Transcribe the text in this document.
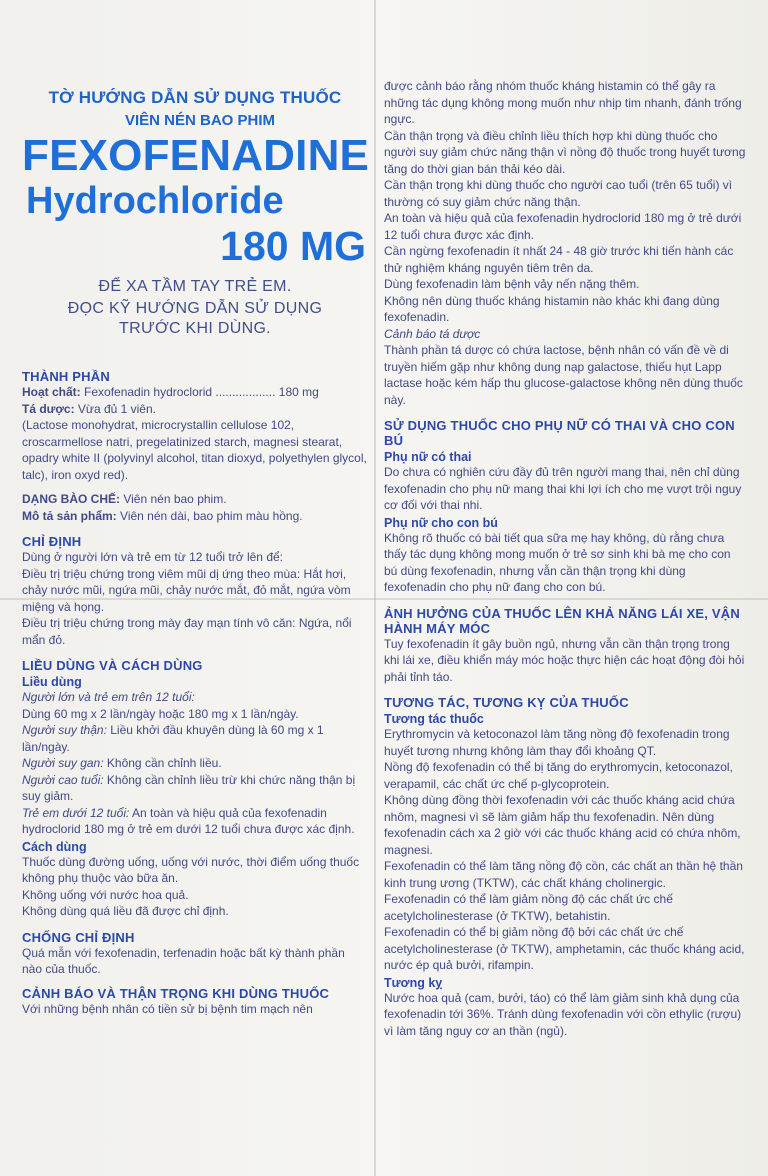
TỜ HƯỚNG DẪN SỬ DỤNG THUỐC
VIÊN NÉN BAO PHIM
FEXOFENADINE
Hydrochloride
180 MG
ĐỂ XA TẦM TAY TRẺ EM.
ĐỌC KỸ HƯỚNG DẪN SỬ DỤNG
TRƯỚC KHI DÙNG.
THÀNH PHẦN

Hoạt chất: Fexofenadin hydroclorid .................. 180 mg

Tá dược: Vừa đủ 1 viên.

(Lactose monohydrat, microcrystallin cellulose 102, croscarmellose natri, pregelatinized starch, magnesi stearat, opadry white II (polyvinyl alcohol, titan dioxyd, polyethylen glycol, talc), iron oxyd red).

DẠNG BÀO CHẾ: Viên nén bao phim.

Mô tả sản phẩm: Viên nén dài, bao phim màu hồng.

CHỈ ĐỊNH

Dùng ở người lớn và trẻ em từ 12 tuổi trở lên để:

Điều trị triệu chứng trong viêm mũi dị ứng theo mùa: Hắt hơi, chảy nước mũi, ngứa mũi, chảy nước mắt, đỏ mắt, ngứa vòm miệng và họng.

Điều trị triệu chứng trong mày đay mạn tính vô căn: Ngứa, nổi mẩn đỏ.

LIỀU DÙNG VÀ CÁCH DÙNG
Liều dùng

Người lớn và trẻ em trên 12 tuổi:

Dùng 60 mg x 2 lần/ngày hoặc 180 mg x 1 lần/ngày.

Người suy thận: Liều khởi đầu khuyên dùng là 60 mg x 1 lần/ngày.

Người suy gan: Không cần chỉnh liều.

Người cao tuổi: Không cần chỉnh liều trừ khi chức năng thận bị suy giảm.

Trẻ em dưới 12 tuổi: An toàn và hiệu quả của fexofenadin hydroclorid 180 mg ở trẻ em dưới 12 tuổi chưa được xác định.

Cách dùng

Thuốc dùng đường uống, uống với nước, thời điểm uống thuốc không phụ thuộc vào bữa ăn.

Không uống với nước hoa quả.

Không dùng quá liều đã được chỉ định.

CHỐNG CHỈ ĐỊNH

Quá mẫn với fexofenadin, terfenadin hoặc bất kỳ thành phần nào của thuốc.

CẢNH BÁO VÀ THẬN TRỌNG KHI DÙNG THUỐC

Với những bệnh nhân có tiền sử bị bệnh tim mạch nên

được cảnh báo rằng nhóm thuốc kháng histamin có thể gây ra những tác dụng không mong muốn như nhịp tim nhanh, đánh trống ngực.

Cần thận trọng và điều chỉnh liều thích hợp khi dùng thuốc cho người suy giảm chức năng thận vì nồng độ thuốc trong huyết tương tăng do thời gian bán thải kéo dài.

Cần thận trọng khi dùng thuốc cho người cao tuổi (trên 65 tuổi) vì thường có suy giảm chức năng thận.

An toàn và hiệu quả của fexofenadin hydroclorid 180 mg ở trẻ dưới 12 tuổi chưa được xác định.

Cần ngừng fexofenadin ít nhất 24 - 48 giờ trước khi tiến hành các thử nghiệm kháng nguyên tiêm trên da.

Dùng fexofenadin làm bệnh vảy nến nặng thêm.

Không nên dùng thuốc kháng histamin nào khác khi đang dùng fexofenadin.

Cảnh báo tá dược

Thành phần tá dược có chứa lactose, bệnh nhân có vấn đề về di truyền hiếm gặp như không dung nạp galactose, thiếu hụt Lapp lactase hoặc kém hấp thu glucose-galactose không nên dùng thuốc này.

SỬ DỤNG THUỐC CHO PHỤ NỮ CÓ THAI VÀ CHO CON BÚ
Phụ nữ có thai

Do chưa có nghiên cứu đầy đủ trên người mang thai, nên chỉ dùng fexofenadin cho phụ nữ mang thai khi lợi ích cho mẹ vượt trội nguy cơ đối với thai nhi.

Phụ nữ cho con bú

Không rõ thuốc có bài tiết qua sữa mẹ hay không, dù rằng chưa thấy tác dụng không mong muốn ở trẻ sơ sinh khi bà mẹ cho con bú dùng fexofenadin, nhưng vẫn cần thận trọng khi dùng fexofenadin cho phụ nữ đang cho con bú.

ẢNH HƯỞNG CỦA THUỐC LÊN KHẢ NĂNG LÁI XE, VẬN HÀNH MÁY MÓC

Tuy fexofenadin ít gây buồn ngủ, nhưng vẫn cần thận trọng trong khi lái xe, điều khiển máy móc hoặc thực hiện các hoạt động đòi hỏi phải tỉnh táo.

TƯƠNG TÁC, TƯƠNG KỴ CỦA THUỐC
Tương tác thuốc

Erythromycin và ketoconazol làm tăng nồng độ fexofenadin trong huyết tương nhưng không làm thay đổi khoảng QT.

Nồng độ fexofenadin có thể bị tăng do erythromycin, ketoconazol, verapamil, các chất ức chế p-glycoprotein.

Không dùng đồng thời fexofenadin với các thuốc kháng acid chứa nhôm, magnesi vì sẽ làm giảm hấp thu fexofenadin. Nên dùng fexofenadin cách xa 2 giờ với các thuốc kháng acid có chứa nhôm, magnesi.

Fexofenadin có thể làm tăng nồng độ cồn, các chất an thần hệ thần kinh trung ương (TKTW), các chất kháng cholinergic.

Fexofenadin có thể làm giảm nồng độ các chất ức chế acetylcholinesterase (ở TKTW), betahistin.

Fexofenadin có thể bị giảm nồng độ bởi các chất ức chế acetylcholinesterase (ở TKTW), amphetamin, các thuốc kháng acid, nước ép quả bưởi, rifampin.

Tương kỵ

Nước hoa quả (cam, bưởi, táo) có thể làm giảm sinh khả dụng của fexofenadin tới 36%. Tránh dùng fexofenadin với cồn ethylic (rượu) vì làm tăng nguy cơ an thần (ngủ).
